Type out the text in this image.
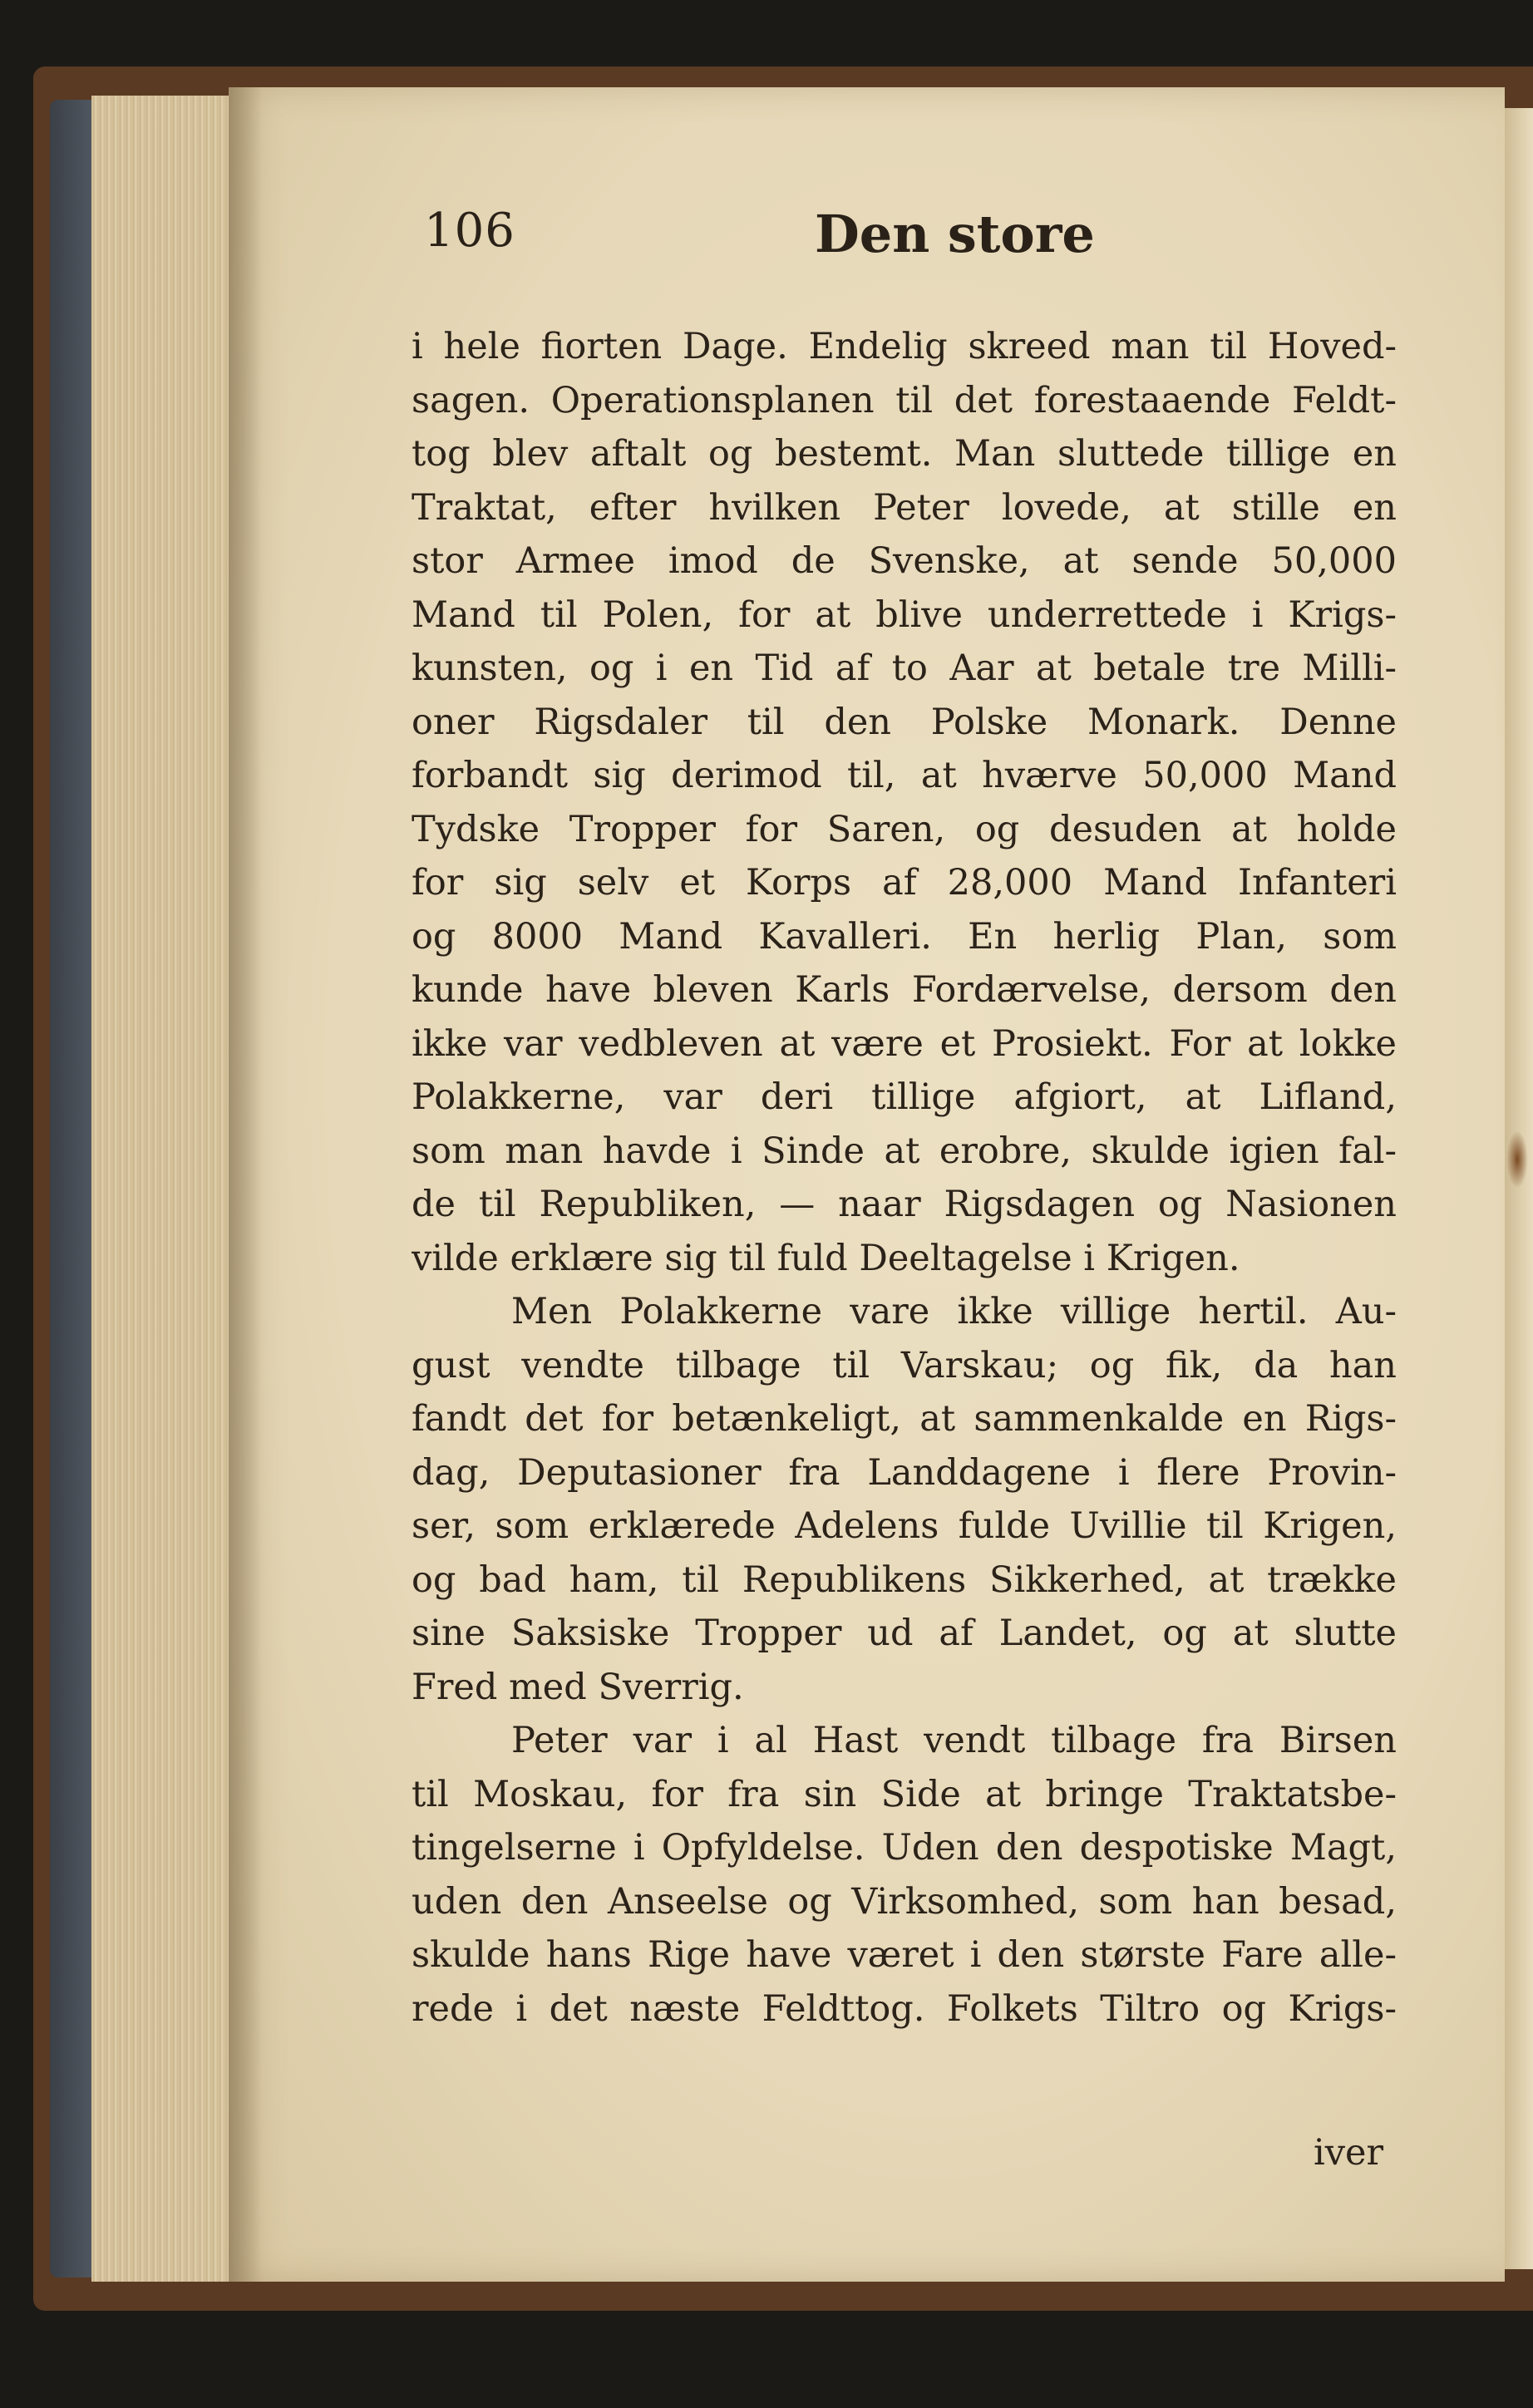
106	Den store
i hele fiorten Dage. Endelig skreed man til Hoved-
sagen. Operationsplanen til det forestaaende Feldt-
tog blev aftalt og bestemt. Man sluttede tillige en
Traktat, efter hvilken Peter lovede, at stille en
stor Armee imod de Svenske, at sende 50,000
Mand til Polen, for at blive underrettede i Krigs-
kunsten, og i en Tid af to Aar at betale tre Milli-
oner Rigsdaler til den Polske Monark. Denne
forbandt sig derimod til, at hværve 50,000 Mand
Tydske Tropper for Saren, og desuden at holde
for sig selv et Korps af 28,000 Mand Infanteri
og 8000 Mand Kavalleri. En herlig Plan, som
kunde have bleven Karls Fordærvelse, dersom den
ikke var vedbleven at være et Prosiekt. For at lokke
Polakkerne, var deri tillige afgiort, at Lifland,
som man havde i Sinde at erobre, skulde igien fal-
de til Republiken, — naar Rigsdagen og Nasionen
vilde erklære sig til fuld Deeltagelse i Krigen.
Men Polakkerne vare ikke villige hertil. Au-
gust vendte tilbage til Varskau; og fik, da han
fandt det for betænkeligt, at sammenkalde en Rigs-
dag, Deputasioner fra Landdagene i flere Provin-
ser, som erklærede Adelens fulde Uvillie til Krigen,
og bad ham, til Republikens Sikkerhed, at trække
sine Saksiske Tropper ud af Landet, og at slutte
Fred med Sverrig.
Peter var i al Hast vendt tilbage fra Birsen
til Moskau, for fra sin Side at bringe Traktatsbe-
tingelserne i Opfyldelse. Uden den despotiske Magt,
uden den Anseelse og Virksomhed, som han besad,
skulde hans Rige have været i den største Fare alle-
rede i det næste Feldttog. Folkets Tiltro og Krigs-
iver
